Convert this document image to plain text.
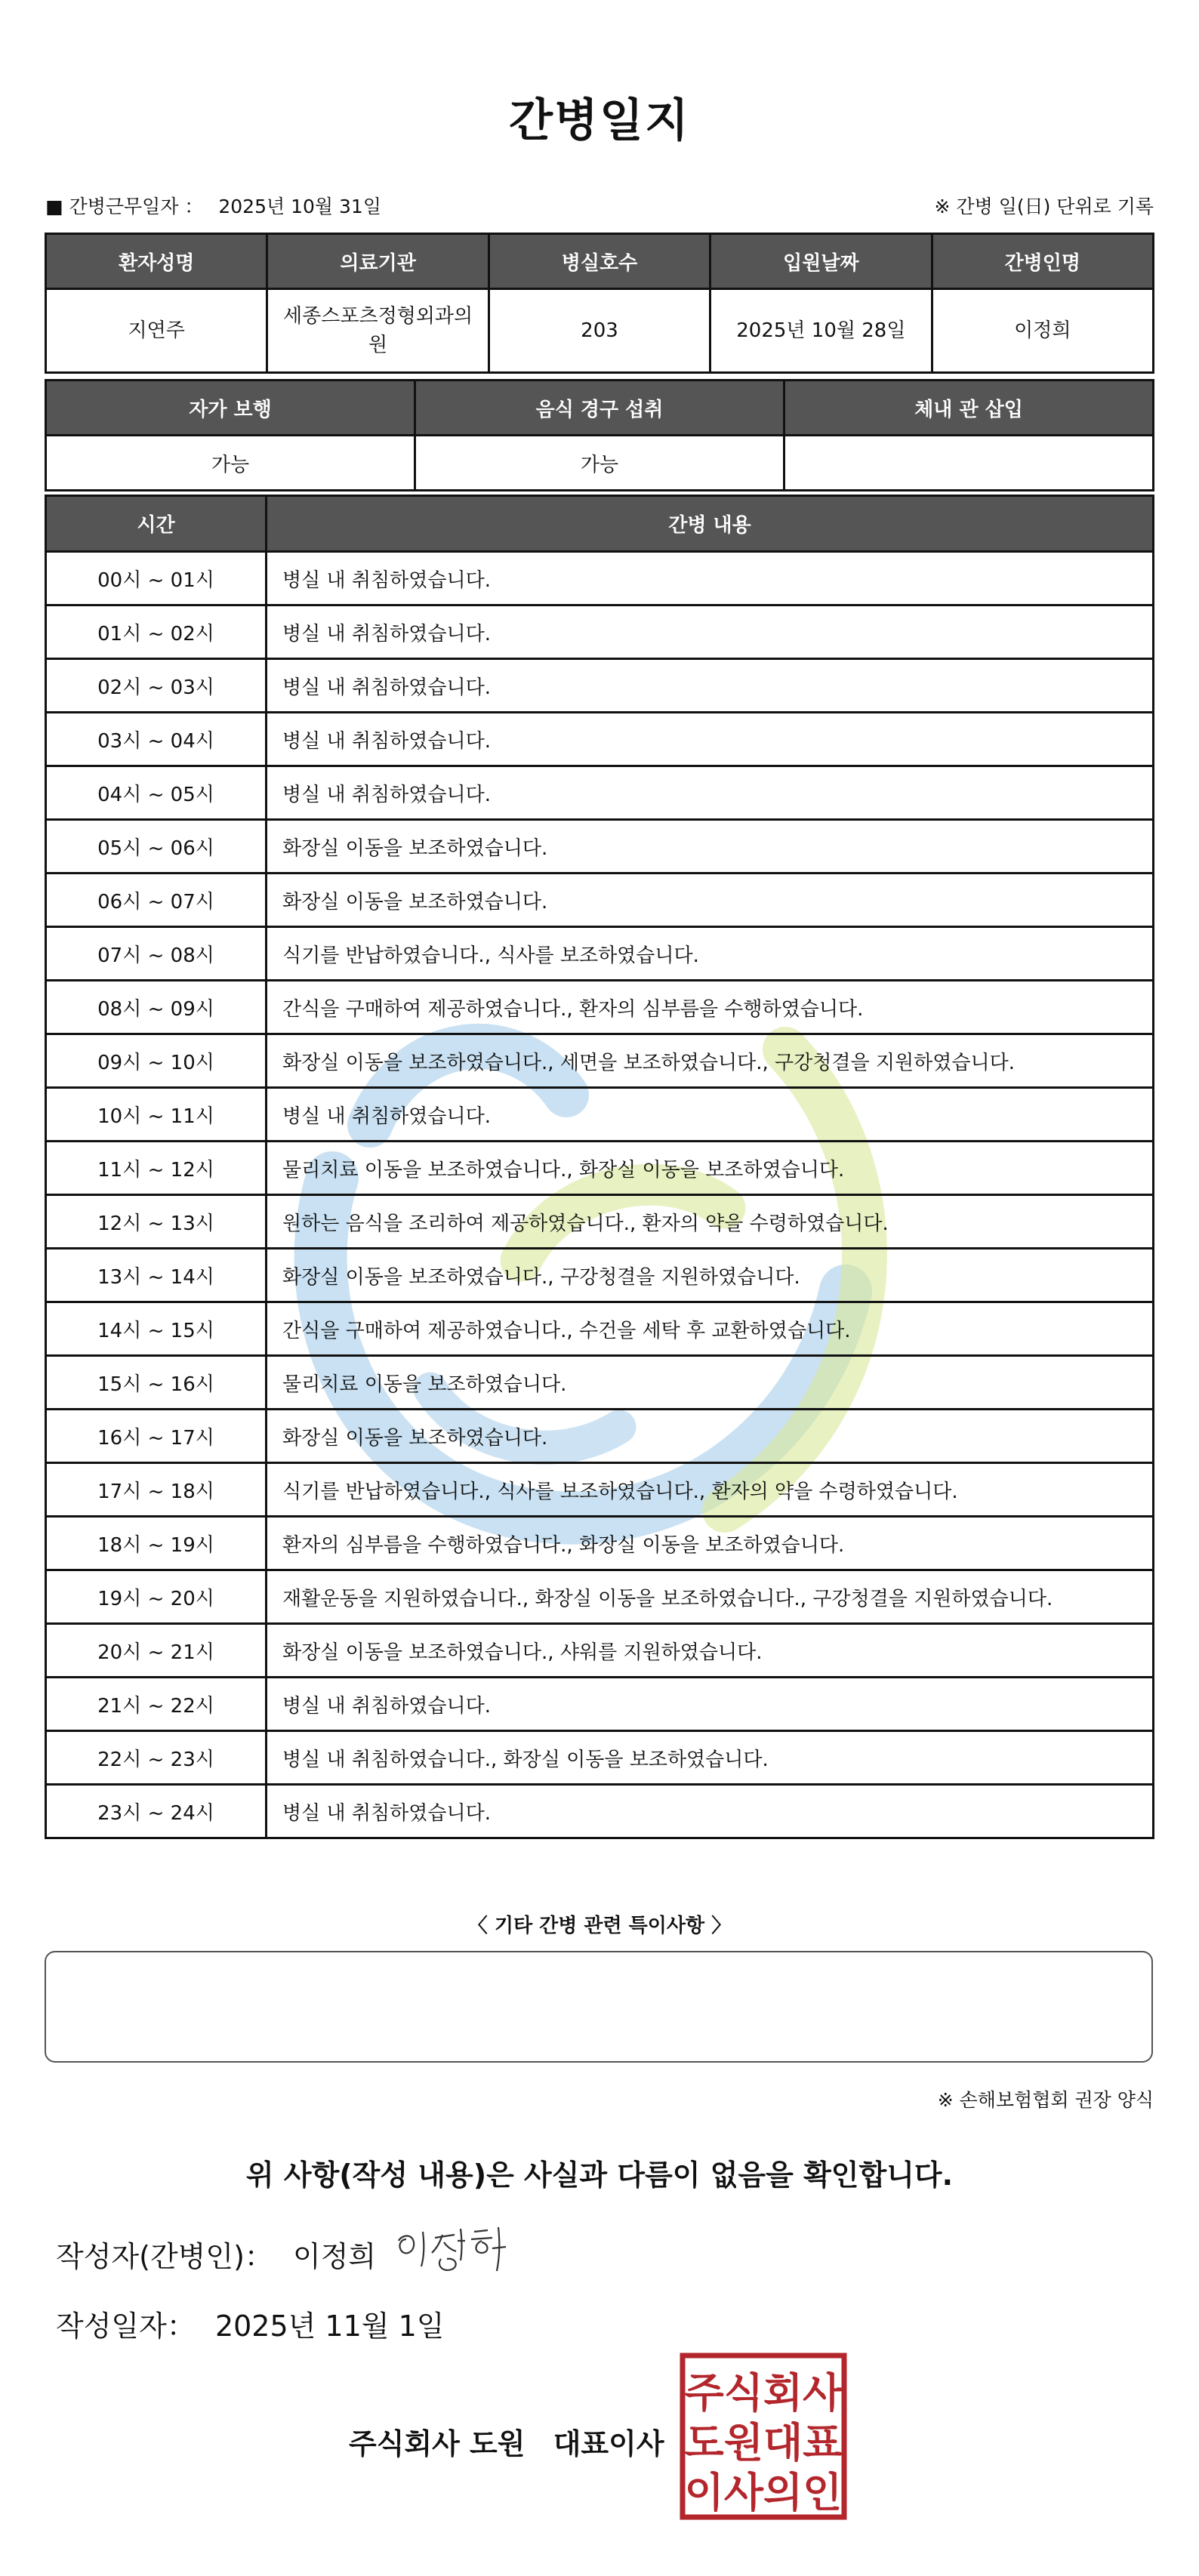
간병일지
■ 간병근무일자 ： 2025년 10월 31일	※ 간병 일(日) 단위로 기록
환자성명	의료기관	병실호수	입원날짜	간병인명
지연주	세종스포츠정형외과의원	203	2025년 10월 28일	이정희
자가 보행	음식 경구 섭취	체내 관 삽입
가능	가능	
시간	간병 내용
00시 ~ 01시	병실 내 취침하였습니다.
01시 ~ 02시	병실 내 취침하였습니다.
02시 ~ 03시	병실 내 취침하였습니다.
03시 ~ 04시	병실 내 취침하였습니다.
04시 ~ 05시	병실 내 취침하였습니다.
05시 ~ 06시	화장실 이동을 보조하였습니다.
06시 ~ 07시	화장실 이동을 보조하였습니다.
07시 ~ 08시	식기를 반납하였습니다., 식사를 보조하였습니다.
08시 ~ 09시	간식을 구매하여 제공하였습니다., 환자의 심부름을 수행하였습니다.
09시 ~ 10시	화장실 이동을 보조하였습니다., 세면을 보조하였습니다., 구강청결을 지원하였습니다.
10시 ~ 11시	병실 내 취침하였습니다.
11시 ~ 12시	물리치료 이동을 보조하였습니다., 화장실 이동을 보조하였습니다.
12시 ~ 13시	원하는 음식을 조리하여 제공하였습니다., 환자의 약을 수령하였습니다.
13시 ~ 14시	화장실 이동을 보조하였습니다., 구강청결을 지원하였습니다.
14시 ~ 15시	간식을 구매하여 제공하였습니다., 수건을 세탁 후 교환하였습니다.
15시 ~ 16시	물리치료 이동을 보조하였습니다.
16시 ~ 17시	화장실 이동을 보조하였습니다.
17시 ~ 18시	식기를 반납하였습니다., 식사를 보조하였습니다., 환자의 약을 수령하였습니다.
18시 ~ 19시	환자의 심부름을 수행하였습니다., 화장실 이동을 보조하였습니다.
19시 ~ 20시	재활운동을 지원하였습니다., 화장실 이동을 보조하였습니다., 구강청결을 지원하였습니다.
20시 ~ 21시	화장실 이동을 보조하였습니다., 샤워를 지원하였습니다.
21시 ~ 22시	병실 내 취침하였습니다.
22시 ~ 23시	병실 내 취침하였습니다., 화장실 이동을 보조하였습니다.
23시 ~ 24시	병실 내 취침하였습니다.
〈 기타 간병 관련 특이사항 〉
※ 손해보험협회 권장 양식
위 사항(작성 내용)은 사실과 다름이 없음을 확인합니다.
작성자(간병인)： 이정희
작성일자： 2025년 11월 1일
주식회사 도원 대표이사
주식회사
도원대표
이사의인
